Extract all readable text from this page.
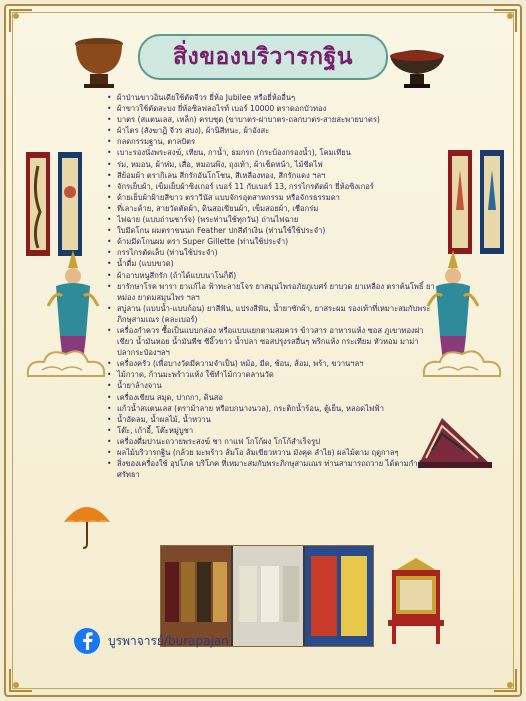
สิ่งของบริวารกฐิน
• ผ้าป่านขาวอินเดียใช้ตัดจีวร ยี่ห้อ Jubilee หรือยี่ห้ออื่นๆ
• ผ้าขาวใช้ตัดสะบง ยี่ห้อซิลฟลอไรท์ เบอร์ 10000 ตราดอกบัวทอง
• บาตร (สแตนเลส, เหล็ก) ครบชุด (ขาบาตร-ฝาบาตร-ถลกบาตร-สายสะพายบาตร)
• ผ้าไตร (สังฆาฏิ จีวร สบง), ผ้านิสีทนะ, ผ้าอังสะ
• กลดกรรมฐาน, ตาลปัตร
• เบาะรองนั่งพระสงฆ์, เทียน, กาน้ำ, ธมกรก (กระบ้องกรองน้ำ), โคมเทียน
• ร่ม, หมอน, ผ้าห่ม, เสื่อ, หมอนพิง, ถุงเท้า, ผ้าเช็ดหน้า, ไม้ขีดไฟ
• สีย้อมผ้า ตรากิเลน สีกรักอันโกโชน, สีเหลืองทอง, สีกรักแดง ฯลฯ
• จักรเย็บผ้า, เข็มเย็บผ้าซิงเกอร์ เบอร์ 11 กับเบอร์ 13, กรรไกรตัดผ้า ยี่ห้อซิงเกอร์
• ด้ายเย็บผ้าฝ้ายสีขาว ตราวีนัส แบบจักรอุตสาหกรรม หรือจักรธรรมดา
• ที่เลาะด้าย, สายวัดตัดผ้า, ดินสอเขียนผ้า, เข็มสอยผ้า, เชือกร่ม
• ไฟฉาย (แบบถ่านชาร์จ) (พระท่านใช้ทุกวัน) ถ่านไฟฉาย
• ใบมีดโกน ผมตราขนนก Feather ปกสีดำเงิน (ท่านใช้ใช้ประจำ)
• ด้ามมีดโกนผม ตรา Super Gillette (ท่านใช้ประจำ)
• กรรไกรตัดเล็บ (ท่านใช้ประจำ)
• น้ำดื่ม (แบบขวด)
• ผ้าอาบหนูสีกรัก (ถ้าได้แบบนาโนก็ดี)
• ยารักษาโรค พารา ยาแก้ไอ ฟ้าทะลายโจร ยาสมุนไพรอภัยภูเบศร์ ยาบวด ยาเหลือง ตราต้นโพธิ์ ยาหม่อง ยาดมสมุนไพร ฯลฯ
• สบู่ลาน (แบบน้ำ-แบบก้อน) ยาสีฟัน, แปรงสีฟัน, น้ำยาซักผ้า, ยาสระผม รองเท้าที่เหมาะสมกับพระภิกษุสามเณร (คละเบอร์)
• เครื่องกำควร ซื้อเป็นแบบกล่อง หรือแบบแยกตามสมควร ข้าวสาร อาหารแห้ง ซอส ภูเขาทองฝาเขียว น้ำมันหอย น้ำมันพืช ซีอิ๊วขาว น้ำปลา ซอสปรุงรสอื่นๆ พริกแห้ง กระเทียม หัวหอม มาม่า ปลากระป๋องฯลฯ
• เครื่องครัว (เพื่อบางวัดมีความจำเป็น) หม้อ, มีด, ช้อน, ส้อม, พร้า, ขวานฯลฯ
• ไม้กวาด, ก้านมะพร้าวแห้ง ใช้ทำไม้กวาดลานวัด
• น้ำยาล้างจาน
• เครื่องเขียน สมุด, ปากกา, ดินสอ
• แก้วน้ำสแตนเลส (ตราม้าลาย หรือบกนางนวล), กระติกน้ำร้อน, ตู้เย็น, หลอดไฟฟ้า
• น้ำอัดลม, น้ำผลไม้, น้ำหวาน
• โต๊ะ, เก้าอี้, โต๊ะหมู่บูชา
• เครื่องดื่มปานะถวายพระสงฆ์ ชา กาแฟ โกโก้ผง โกโก้สำเร็จรูป
• ผลไม้บริวารกฐิน (กล้วย มะพร้าว ส้มโอ ส้มเขียวหวาน มังคุด ลำไย) ผลไม้ตาม ฤดูกาลๆ
• สิ่งของเครื่องใช้ อุปโภค บริโภค ที่เหมาะสมกับพระภิกษุสามเณร ท่านสามารถถวาย ได้ตามกำลังศรัทธา
บูรพาจารย์/burapajan
